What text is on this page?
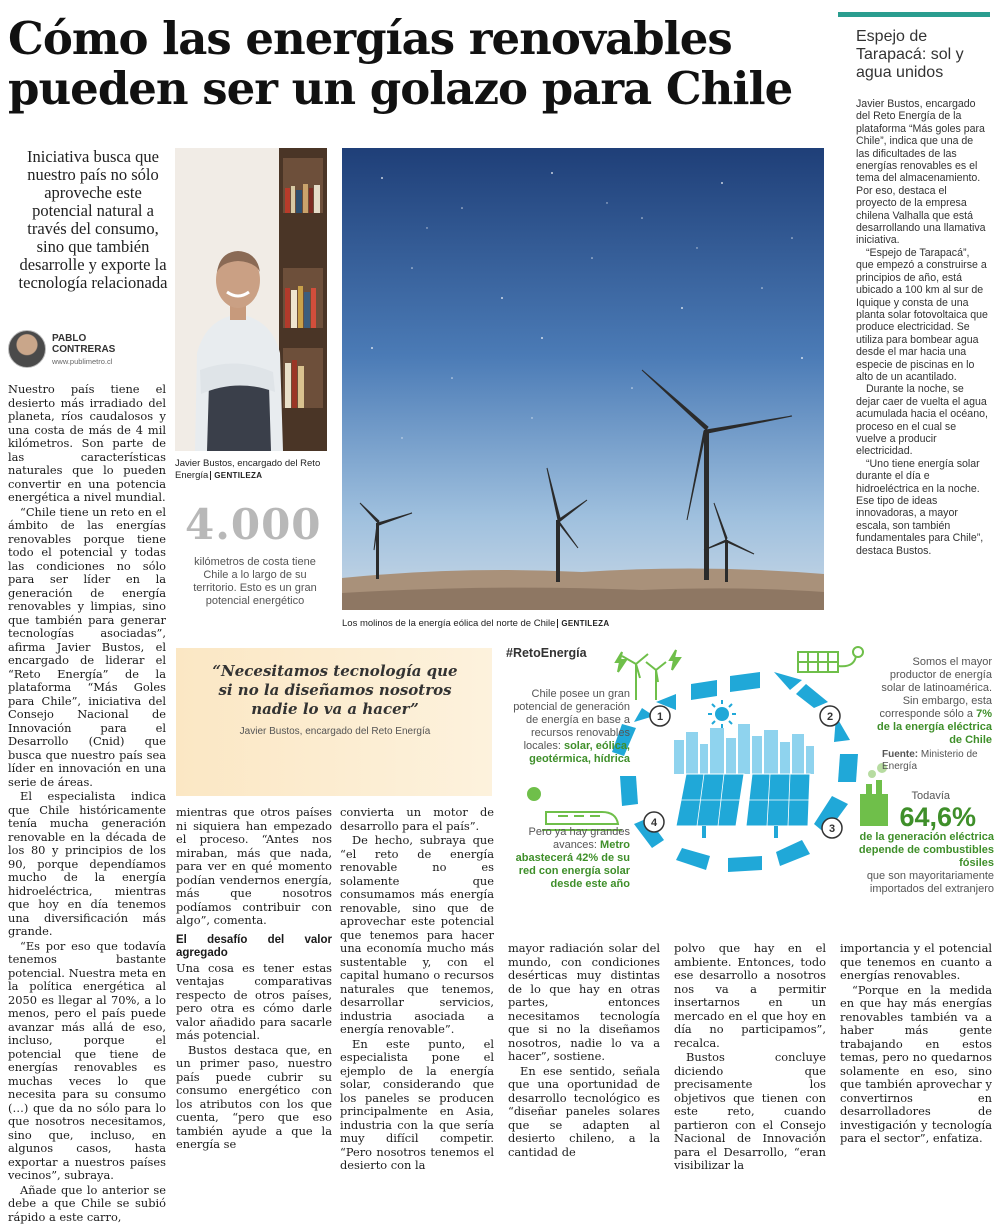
Cómo las energías renovables
pueden ser un golazo para Chile
Espejo de Tarapacá: sol y agua unidos

Javier Bustos, encargado del Reto Energía de la plataforma “Más goles para Chile”, indica que una de las dificultades de las energías renovables es el tema del almacenamiento. Por eso, destaca el proyecto de la empresa chilena Valhalla que está desarrollando una llamativa iniciativa.

“Espejo de Tarapacá”, que empezó a construirse a principios de año, está ubicado a 100 km al sur de Iquique y consta de una planta solar fotovoltaica que produce electricidad. Se utiliza para bombear agua desde el mar hacia una especie de piscinas en lo alto de un acantilado.

Durante la noche, se dejar caer de vuelta el agua acumulada hacia el océano, proceso en el cual se vuelve a producir electricidad.

“Uno tiene energía solar durante el día e hidroeléctrica en la noche. Ese tipo de ideas innovadoras, a mayor escala, son también fundamentales para Chile”, destaca Bustos.

Iniciativa busca que nuestro país no sólo aproveche este potencial natural a través del consumo, sino que también desarrolle y exporte la tecnología relacionada
PABLO
CONTRERAS
www.publimetro.cl
Javier Bustos, encargado del Reto Energía GENTILEZA
4.000
kilómetros de costa tiene Chile a lo largo de su territorio. Esto es un gran potencial energético
Los molinos de la energía eólica del norte de Chile GENTILEZA

Nuestro país tiene el desierto más irradiado del planeta, ríos caudalosos y una costa de más de 4 mil kilómetros. Son parte de las características naturales que lo pueden convertir en una potencia energética a nivel mundial.

“Chile tiene un reto en el ámbito de las energías renovables porque tiene todo el potencial y todas las condiciones no sólo para ser líder en la generación de energía renovables y limpias, sino que también para generar tecnologías asociadas”, afirma Javier Bustos, el encargado de liderar el “Reto Energía” de la plataforma “Más Goles para Chile”, iniciativa del Consejo Nacional de Innovación para el Desarrollo (Cnid) que busca que nuestro país sea líder en innovación en una serie de áreas.

El especialista indica que Chile históricamente tenía mucha generación renovable en la década de los 80 y principios de los 90, porque dependíamos mucho de la energía hidroeléctrica, mientras que hoy en día tenemos una diversificación más grande.

“Es por eso que todavía tenemos bastante potencial. Nuestra meta en la política energética al 2050 es llegar al 70%, a lo menos, pero el país puede avanzar más allá de eso, incluso, porque el potencial que tiene de energías renovables es muchas veces lo que necesita para su consumo (…) que da no sólo para lo que nosotros necesitamos, sino que, incluso, en algunos casos, hasta exportar a nuestros países vecinos”, subraya.

Añade que lo anterior se debe a que Chile se subió rápido a este carro,

“Necesitamos tecnología que si no la diseñamos nosotros nadie lo va a hacer”
Javier Bustos, encargado del Reto Energía

mientras que otros países ni siquiera han empezado el proceso. “Antes nos miraban, más que nada, para ver en qué momento podían vendernos energía, más que nosotros podíamos contribuir con algo”, comenta.

El desafío del valor agregado

Una cosa es tener estas ventajas comparativas respecto de otros países, pero otra es cómo darle valor añadido para sacarle más potencial.

Bustos destaca que, en un primer paso, nuestro país puede cubrir su consumo energético con los atributos con los que cuenta, “pero que eso también ayude a que la energía se

convierta un motor de desarrollo para el país”.

De hecho, subraya que “el reto de energía renovable no es solamente que consumamos más energía renovable, sino que de aprovechar este potencial que tenemos para hacer una economía mucho más sustentable y, con el capital humano o recursos naturales que tenemos, desarrollar servicios, industria asociada a energía renovable”.

En este punto, el especialista pone el ejemplo de la energía solar, considerando que los paneles se producen principalmente en Asia, industria con la que sería muy difícil competir. “Pero nosotros tenemos el desierto con la

#RetoEnergía
1	2
3
4
Chile posee un gran potencial de generación de energía en base a recursos renovables locales: solar, eólica, geotérmica, hídrica
Somos el mayor productor de energía solar de latinoamérica. Sin embargo, esta corresponde sólo a 7% de la energía eléctrica de Chile
Fuente: Ministerio de Energía
Todavía
64,6%
de la generación eléctrica depende de combustibles fósiles
que son mayoritariamente importados del extranjero
Pero ya hay grandes avances: Metro abastecerá 42% de su red con energía solar desde este año

mayor radiación solar del mundo, con condiciones desérticas muy distintas de lo que hay en otras partes, entonces necesitamos tecnología que si no la diseñamos nosotros, nadie lo va a hacer”, sostiene.

En ese sentido, señala que una oportunidad de desarrollo tecnológico es “diseñar paneles solares que se adapten al desierto chileno, a la cantidad de

polvo que hay en el ambiente. Entonces, todo ese desarrollo a nosotros nos va a permitir insertarnos en un mercado en el que hoy en día no participamos”, recalca.

Bustos concluye diciendo que precisamente los objetivos que tienen con este reto, cuando partieron con el Consejo Nacional de Innovación para el Desarrollo, “eran visibilizar la

importancia y el potencial que tenemos en cuanto a energías renovables.

“Porque en la medida en que hay más energías renovables también va a haber más gente trabajando en estos temas, pero no quedarnos solamente en eso, sino que también aprovechar y convertirnos en desarrolladores de investigación y tecnología para el sector”, enfatiza.
